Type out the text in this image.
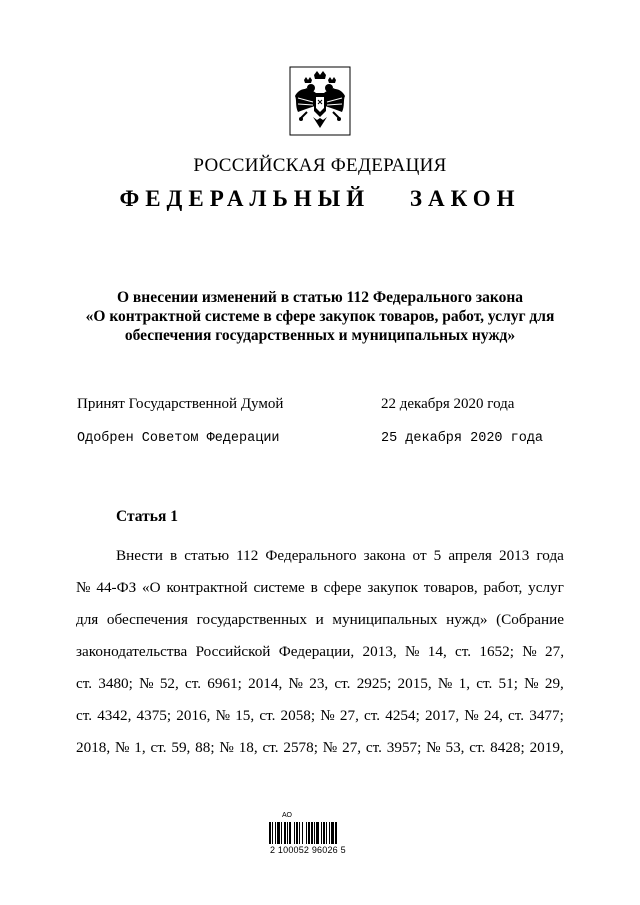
РОССИЙСКАЯ ФЕДЕРАЦИЯ
ФЕДЕРАЛЬНЫЙ ЗАКОН
О внесении изменений в статью 112 Федерального закона
«О контрактной системе в сфере закупок товаров, работ, услуг для
обеспечения государственных и муниципальных нужд»
Принят Государственной Думой	22 декабря 2020 года
Одобрен Советом Федерации	25 декабря 2020 года
Статья 1
Внести в статью 112 Федерального закона от 5 апреля 2013 года
№ 44-ФЗ «О контрактной системе в сфере закупок товаров, работ, услуг
для обеспечения государственных и муниципальных нужд» (Собрание
законодательства Российской Федерации, 2013, № 14, ст. 1652; № 27,
ст. 3480; № 52, ст. 6961; 2014, № 23, ст. 2925; 2015, № 1, ст. 51; № 29,
ст. 4342, 4375; 2016, № 15, ст. 2058; № 27, ст. 4254; 2017, № 24, ст. 3477;
2018, № 1, ст. 59, 88; № 18, ст. 2578; № 27, ст. 3957; № 53, ст. 8428; 2019,
АО
2 100052 96026 5
